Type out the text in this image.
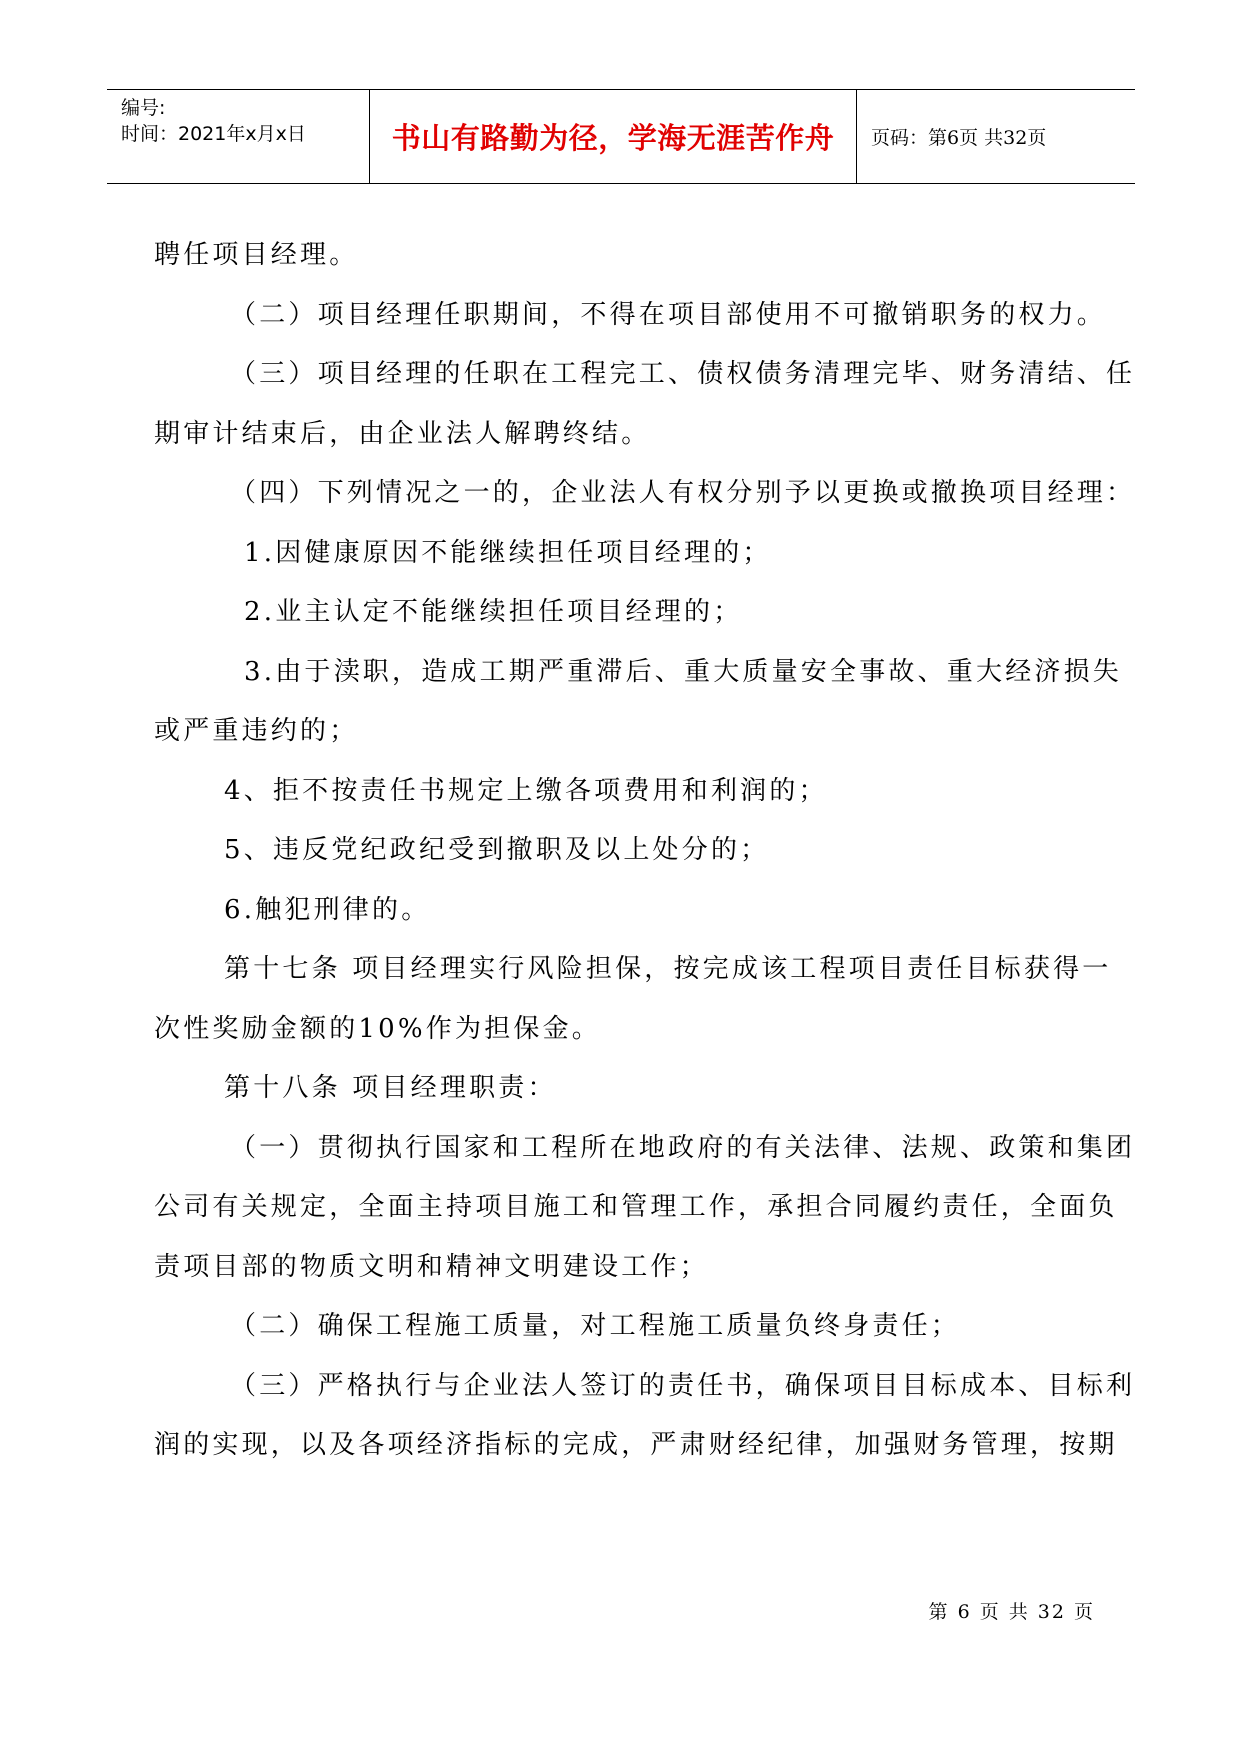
编号:
时间：2021年x月x日	书山有路勤为径，学海无涯苦作舟 页码：第6页 共32页

聘任项目经理。

（二）项目经理任职期间，不得在项目部使用不可撤销职务的权力。

（三）项目经理的任职在工程完工、债权债务清理完毕、财务清结、任

期审计结束后，由企业法人解聘终结。

（四）下列情况之一的，企业法人有权分别予以更换或撤换项目经理：

1.因健康原因不能继续担任项目经理的；

2.业主认定不能继续担任项目经理的；

3.由于渎职，造成工期严重滞后、重大质量安全事故、重大经济损失

或严重违约的；

4、拒不按责任书规定上缴各项费用和利润的；

5、违反党纪政纪受到撤职及以上处分的；

6.触犯刑律的。

第十七条 项目经理实行风险担保，按完成该工程项目责任目标获得一

次性奖励金额的10%作为担保金。

第十八条 项目经理职责：

（一）贯彻执行国家和工程所在地政府的有关法律、法规、政策和集团

公司有关规定，全面主持项目施工和管理工作，承担合同履约责任，全面负

责项目部的物质文明和精神文明建设工作；

（二）确保工程施工质量，对工程施工质量负终身责任；

（三）严格执行与企业法人签订的责任书，确保项目目标成本、目标利

润的实现，以及各项经济指标的完成，严肃财经纪律，加强财务管理，按期

第 6 页 共 32 页
